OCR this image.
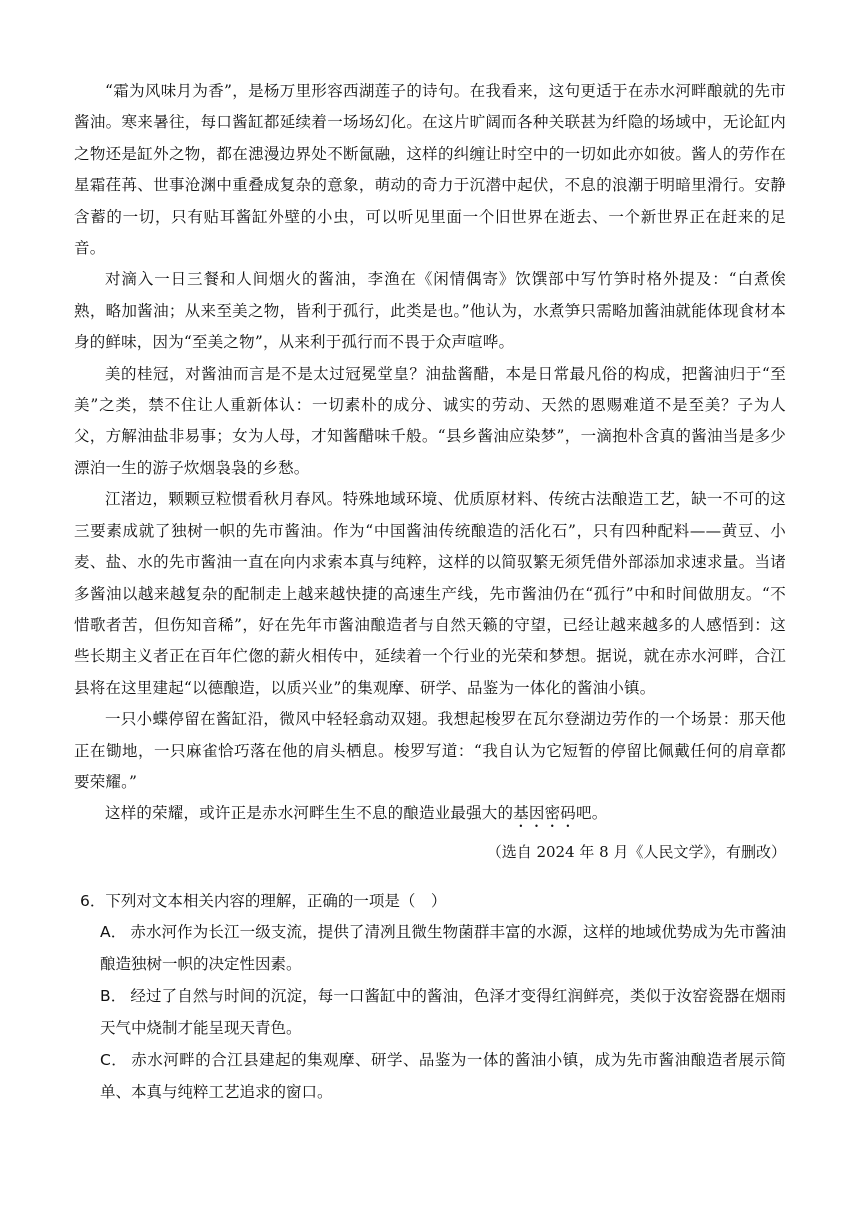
“霜为风味月为香”，是杨万里形容西湖莲子的诗句。在我看来，这句更适于在赤水河畔酿就的先市酱油。寒来暑往，每口酱缸都延续着一场场幻化。在这片旷阔而各种关联甚为纤隐的场域中，无论缸内之物还是缸外之物，都在漶漫边界处不断氤融，这样的纠缠让时空中的一切如此亦如彼。酱人的劳作在星霜荏苒、世事沧渊中重叠成复杂的意象，萌动的奇力于沉潜中起伏，不息的浪潮于明暗里滑行。安静含蓄的一切，只有贴耳酱缸外壁的小虫，可以听见里面一个旧世界在逝去、一个新世界正在赶来的足音。

对滴入一日三餐和人间烟火的酱油，李渔在《闲情偶寄》饮馔部中写竹笋时格外提及：“白煮俟熟，略加酱油；从来至美之物，皆利于孤行，此类是也。”他认为，水煮笋只需略加酱油就能体现食材本身的鲜味，因为“至美之物”，从来利于孤行而不畏于众声喧哗。

美的桂冠，对酱油而言是不是太过冠冕堂皇？油盐酱醋，本是日常最凡俗的构成，把酱油归于“至美”之类，禁不住让人重新体认：一切素朴的成分、诚实的劳动、天然的恩赐难道不是至美？子为人父，方解油盐非易事；女为人母，才知酱醋味千般。“县乡酱油应染梦”，一滴抱朴含真的酱油当是多少漂泊一生的游子炊烟袅袅的乡愁。

江渚边，颗颗豆粒惯看秋月春风。特殊地域环境、优质原材料、传统古法酿造工艺，缺一不可的这三要素成就了独树一帜的先市酱油。作为“中国酱油传统酿造的活化石”，只有四种配料——黄豆、小麦、盐、水的先市酱油一直在向内求索本真与纯粹，这样的以简驭繁无须凭借外部添加求速求量。当诸多酱油以越来越复杂的配制走上越来越快捷的高速生产线，先市酱油仍在“孤行”中和时间做朋友。“不惜歌者苦，但伤知音稀”，好在先年市酱油酿造者与自然天籁的守望，已经让越来越多的人感悟到：这些长期主义者正在百年伫偬的薪火相传中，延续着一个行业的光荣和梦想。据说，就在赤水河畔，合江县将在这里建起“以德酿造，以质兴业”的集观摩、研学、品鉴为一体化的酱油小镇。

一只小蝶停留在酱缸沿，微风中轻轻翕动双翅。我想起梭罗在瓦尔登湖边劳作的一个场景：那天他正在锄地，一只麻雀恰巧落在他的肩头栖息。梭罗写道：“我自认为它短暂的停留比佩戴任何的肩章都要荣耀。”

这样的荣耀，或许正是赤水河畔生生不息的酿造业最强大的基因密码吧。

（选自 2024 年 8 月《人民文学》，有删改）

6．下列对文本相关内容的理解，正确的一项是（　）

A． 赤水河作为长江一级支流，提供了清冽且微生物菌群丰富的水源，这样的地域优势成为先市酱油酿造独树一帜的决定性因素。

B． 经过了自然与时间的沉淀，每一口酱缸中的酱油，色泽才变得红润鲜亮，类似于汝窑瓷器在烟雨天气中烧制才能呈现天青色。

C． 赤水河畔的合江县建起的集观摩、研学、品鉴为一体的酱油小镇，成为先市酱油酿造者展示简单、本真与纯粹工艺追求的窗口。
